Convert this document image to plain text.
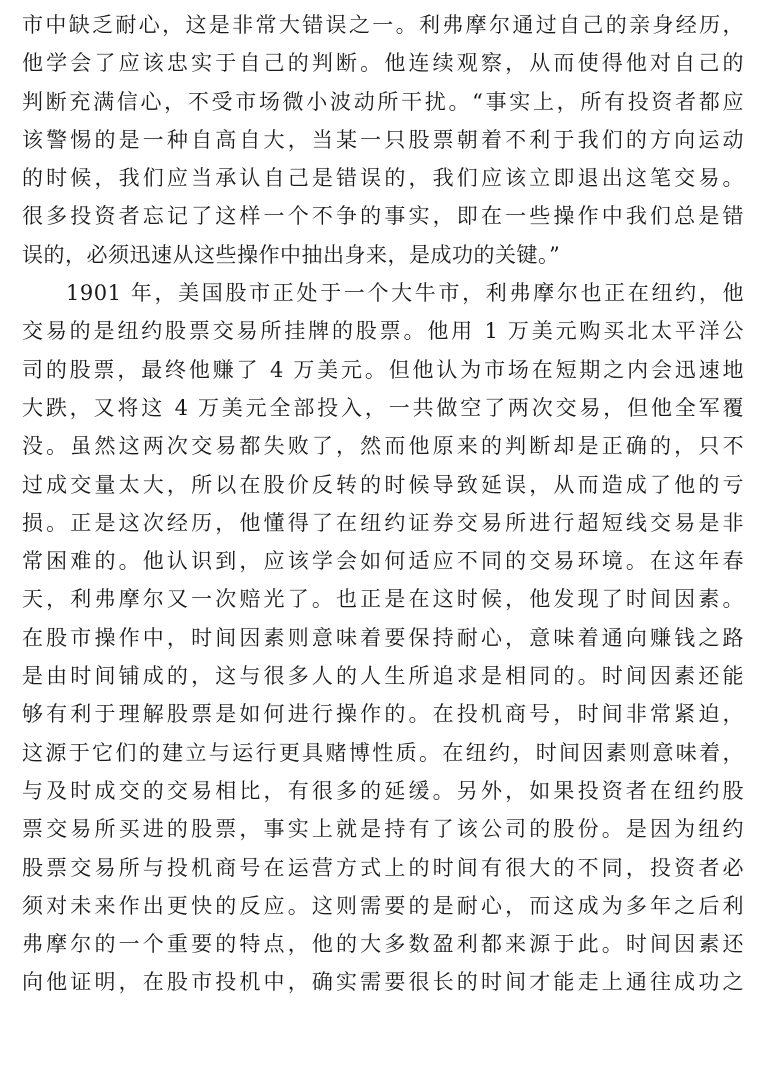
市中缺乏耐心，这是非常大错误之一。利弗摩尔通过自己的亲身经历，
他学会了应该忠实于自己的判断。他连续观察，从而使得他对自己的
判断充满信心，不受市场微小波动所干扰。“事实上，所有投资者都应
该警惕的是一种自高自大，当某一只股票朝着不利于我们的方向运动
的时候，我们应当承认自己是错误的，我们应该立即退出这笔交易。
很多投资者忘记了这样一个不争的事实，即在一些操作中我们总是错
误的，必须迅速从这些操作中抽出身来，是成功的关键。”
1901 年，美国股市正处于一个大牛市，利弗摩尔也正在纽约，他
交易的是纽约股票交易所挂牌的股票。他用 1 万美元购买北太平洋公
司的股票，最终他赚了 4 万美元。但他认为市场在短期之内会迅速地
大跌，又将这 4 万美元全部投入，一共做空了两次交易，但他全军覆
没。虽然这两次交易都失败了，然而他原来的判断却是正确的，只不
过成交量太大，所以在股价反转的时候导致延误，从而造成了他的亏
损。正是这次经历，他懂得了在纽约证券交易所进行超短线交易是非
常困难的。他认识到，应该学会如何适应不同的交易环境。在这年春
天，利弗摩尔又一次赔光了。也正是在这时候，他发现了时间因素。
在股市操作中，时间因素则意味着要保持耐心，意味着通向赚钱之路
是由时间铺成的，这与很多人的人生所追求是相同的。时间因素还能
够有利于理解股票是如何进行操作的。在投机商号，时间非常紧迫，
这源于它们的建立与运行更具赌博性质。在纽约，时间因素则意味着，
与及时成交的交易相比，有很多的延缓。另外，如果投资者在纽约股
票交易所买进的股票，事实上就是持有了该公司的股份。是因为纽约
股票交易所与投机商号在运营方式上的时间有很大的不同，投资者必
须对未来作出更快的反应。这则需要的是耐心，而这成为多年之后利
弗摩尔的一个重要的特点，他的大多数盈利都来源于此。时间因素还
向他证明，在股市投机中，确实需要很长的时间才能走上通往成功之
